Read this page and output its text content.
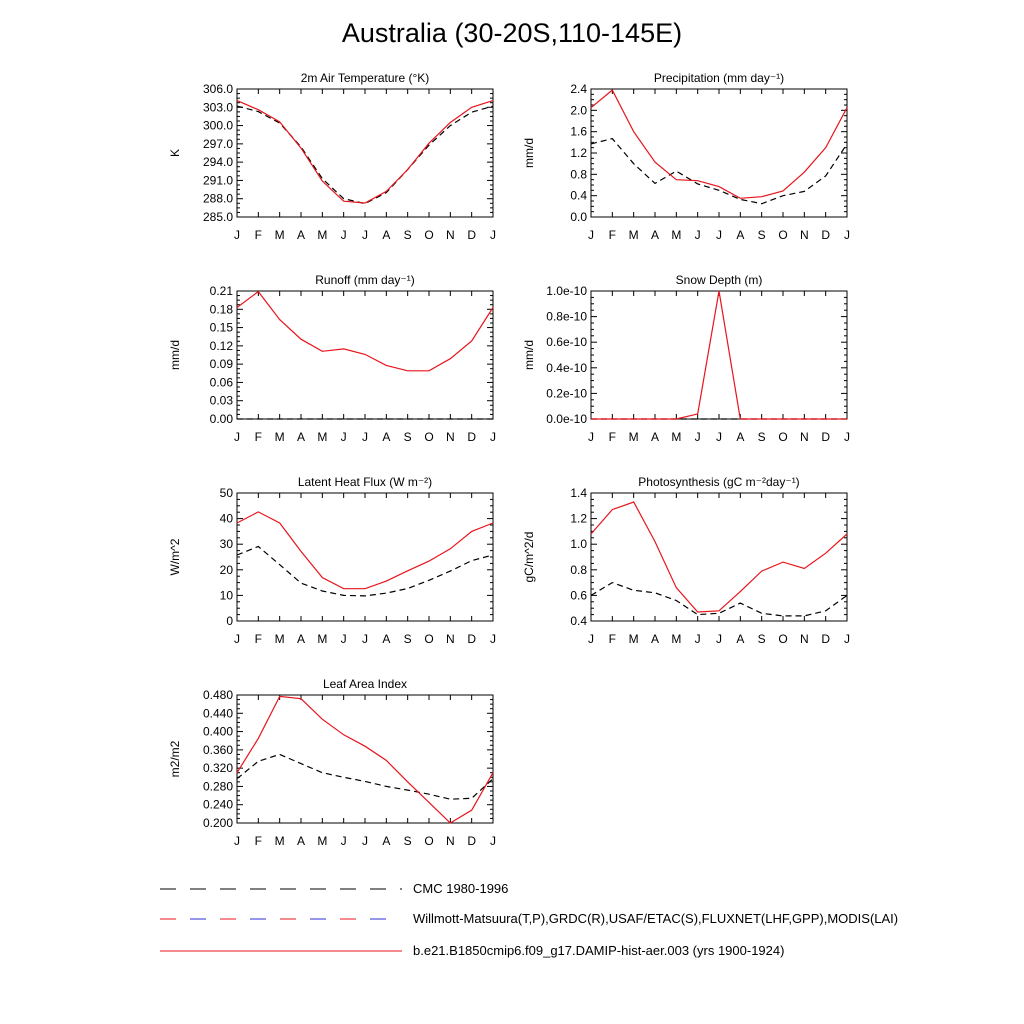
Australia (30-20S,110-145E)
2m Air Temperature (°K)
K
J F M A M J J A S O N D J
285.0
288.0
291.0
294.0
297.0
300.0
303.0
306.0
Precipitation (mm day⁻¹)
mm/d
J F M A M J J A S O N D J
0.0
0.4
0.8
1.2
1.6
2.0
2.4
Runoff (mm day⁻¹)
mm/d
J F M A M J J A S O N D J
0.00
0.03
0.06
0.09
0.12
0.15
0.18
0.21
Snow Depth (m)
mm/d
J F M A M J J A S O N D J
0.0e-10
0.2e-10
0.4e-10
0.6e-10
0.8e-10
1.0e-10
Latent Heat Flux (W m⁻²)
W/m^2
J F M A M J J A S O N D J
0
10
20
30
40
50
Photosynthesis (gC m⁻²day⁻¹)
gC/m^2/d
J F M A M J J A S O N D J
0.4
0.6
0.8
1.0
1.2
1.4
Leaf Area Index
m2/m2
J F M A M J J A S O N D J
0.200
0.240
0.280
0.320
0.360
0.400
0.440
0.480
CMC 1980-1996
Willmott-Matsuura(T,P),GRDC(R),USAF/ETAC(S),FLUXNET(LHF,GPP),MODIS(LAI)
b.e21.B1850cmip6.f09_g17.DAMIP-hist-aer.003 (yrs 1900-1924)
